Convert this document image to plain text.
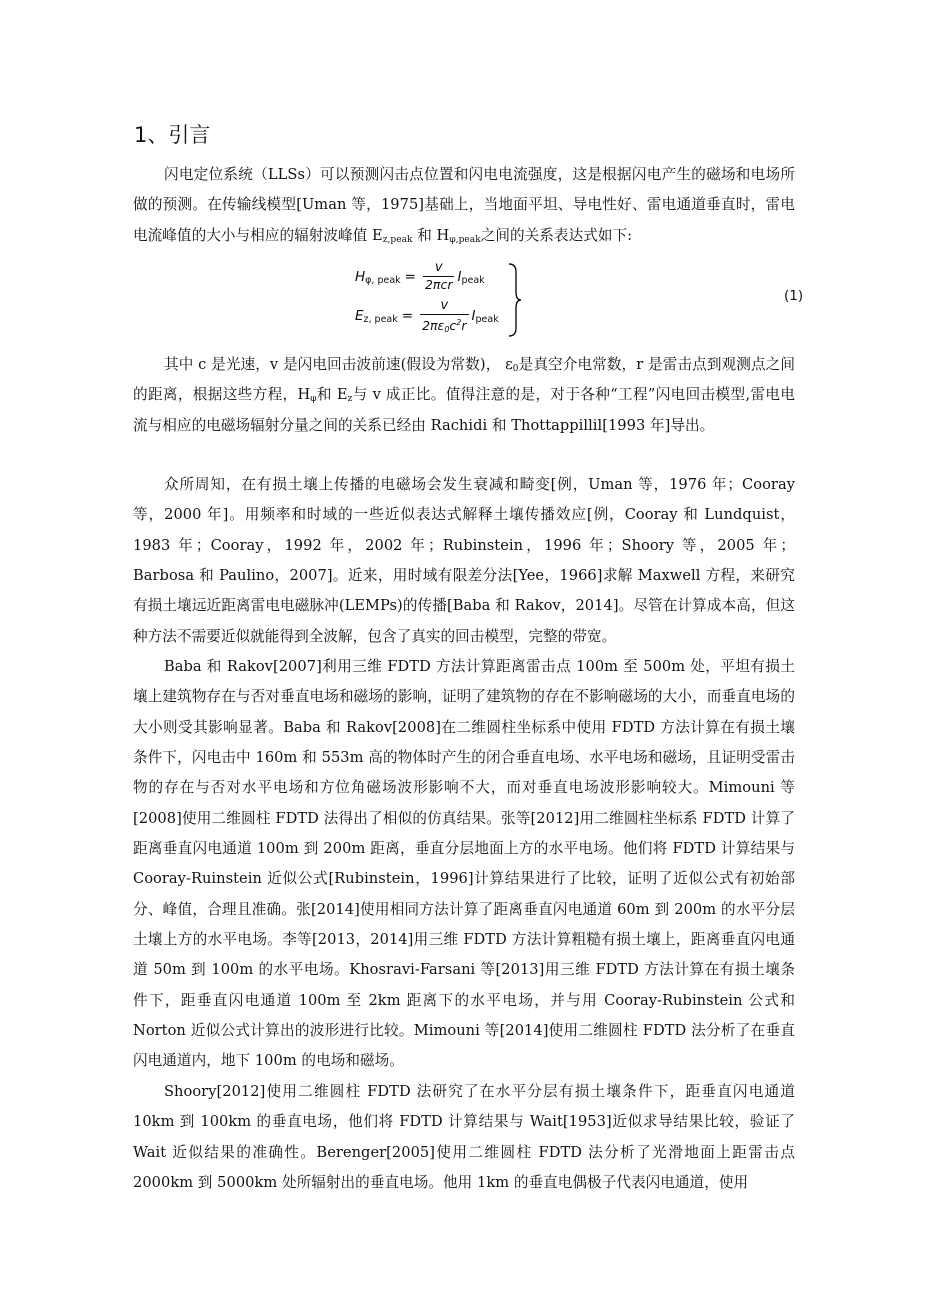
1、引言

闪电定位系统（LLSs）可以预测闪击点位置和闪电电流强度，这是根据闪电产生的磁场和电场所做的预测。在传输线模型[Uman 等，1975]基础上，当地面平坦、导电性好、雷电通道垂直时，雷电电流峰值的大小与相应的辐射波峰值 $E_{z,peak}$ 和 $H_{\varphi,peak}$之间的关系表达式如下:

$H_{\varphi, peak} = \frac{v}{\text{2πcr}} I_{peak}$
$E_{z, peak} = \frac{v}{2\pi\varepsilon_0c^2r} I_{peak}$
(1)

其中 c 是光速，v 是闪电回击波前速(假设为常数)， $\varepsilon_0$是真空介电常数，r 是雷击点到观测点之间的距离，根据这些方程，$H_\varphi$和 $E_z$与 v 成正比。值得注意的是，对于各种“工程”闪电回击模型,雷电电流与相应的电磁场辐射分量之间的关系已经由 Rachidi 和 Thottappillil[1993 年]导出。

众所周知，在有损土壤上传播的电磁场会发生衰减和畸变[例，Uman 等，1976 年；Cooray 等，2000 年]。用频率和时域的一些近似表达式解释土壤传播效应[例，Cooray 和 Lundquist，1983 年；Cooray，1992 年，2002 年；Rubinstein，1996 年；Shoory 等，2005 年；Barbosa 和 Paulino，2007]。近来，用时域有限差分法[Yee，1966]求解 Maxwell 方程，来研究有损土壤远近距离雷电电磁脉冲(LEMPs)的传播[Baba 和 Rakov，2014]。尽管在计算成本高，但这种方法不需要近似就能得到全波解，包含了真实的回击模型，完整的带宽。

Baba 和 Rakov[2007]利用三维 FDTD 方法计算距离雷击点 100m 至 500m 处，平坦有损土壤上建筑物存在与否对垂直电场和磁场的影响，证明了建筑物的存在不影响磁场的大小，而垂直电场的大小则受其影响显著。Baba 和 Rakov[2008]在二维圆柱坐标系中使用 FDTD 方法计算在有损土壤条件下，闪电击中 160m 和 553m 高的物体时产生的闭合垂直电场、水平电场和磁场，且证明受雷击物的存在与否对水平电场和方位角磁场波形影响不大，而对垂直电场波形影响较大。Mimouni 等[2008]使用二维圆柱 FDTD 法得出了相似的仿真结果。张等[2012]用二维圆柱坐标系 FDTD 计算了距离垂直闪电通道 100m 到 200m 距离，垂直分层地面上方的水平电场。他们将 FDTD 计算结果与 Cooray-Ruinstein 近似公式[Rubinstein，1996]计算结果进行了比较，证明了近似公式有初始部分、峰值，合理且准确。张[2014]使用相同方法计算了距离垂直闪电通道 60m 到 200m 的水平分层土壤上方的水平电场。李等[2013，2014]用三维 FDTD 方法计算粗糙有损土壤上，距离垂直闪电通道 50m 到 100m 的水平电场。Khosravi-Farsani 等[2013]用三维 FDTD 方法计算在有损土壤条件下，距垂直闪电通道 100m 至 2km 距离下的水平电场，并与用 Cooray-Rubinstein 公式和 Norton 近似公式计算出的波形进行比较。Mimouni 等[2014]使用二维圆柱 FDTD 法分析了在垂直闪电通道内，地下 100m 的电场和磁场。

Shoory[2012]使用二维圆柱 FDTD 法研究了在水平分层有损土壤条件下，距垂直闪电通道 10km 到 100km 的垂直电场，他们将 FDTD 计算结果与 Wait[1953]近似求导结果比较，验证了 Wait 近似结果的准确性。Berenger[2005]使用二维圆柱 FDTD 法分析了光滑地面上距雷击点 2000km 到 5000km 处所辐射出的垂直电场。他用 1km 的垂直电偶极子代表闪电通道，使用
